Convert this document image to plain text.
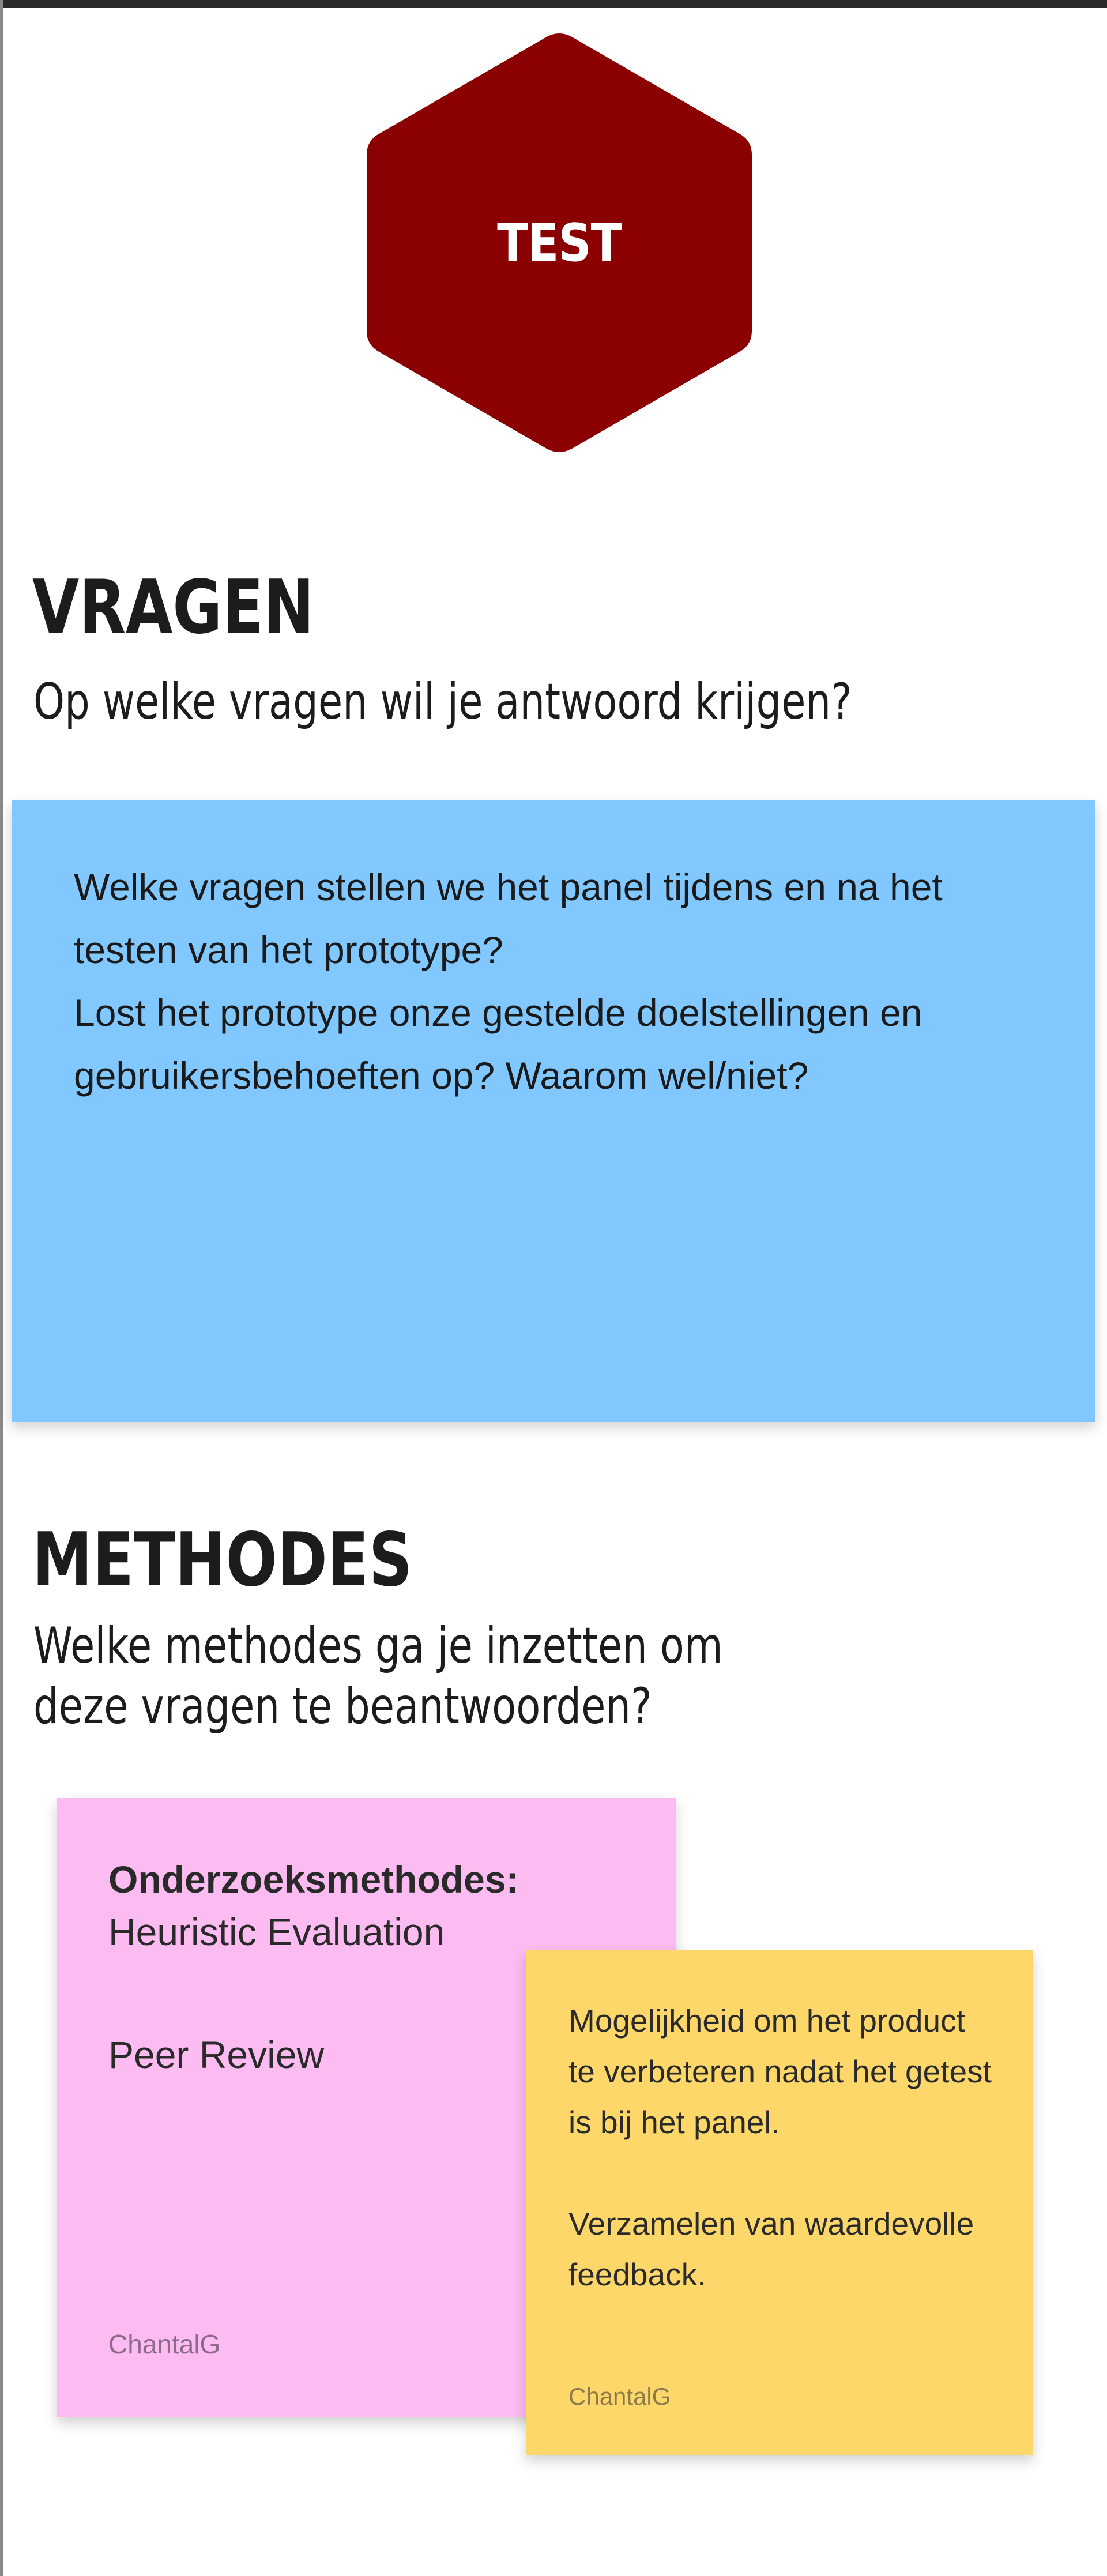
TEST
VRAGEN

Op welke vragen wil je antwoord krijgen?

Welke vragen stellen we het panel tijdens en na het testen van het prototype?
Lost het prototype onze gestelde doelstellingen en gebruikersbehoeften op? Waarom wel/niet?
METHODES

Welke methodes ga je inzetten om
deze vragen te beantwoorden?

Onderzoeksmethodes:
Heuristic Evaluation
Peer Review
ChantalG
Mogelijkheid om het product te verbeteren nadat het getest is bij het panel.

Verzamelen van waardevolle feedback.
ChantalG
